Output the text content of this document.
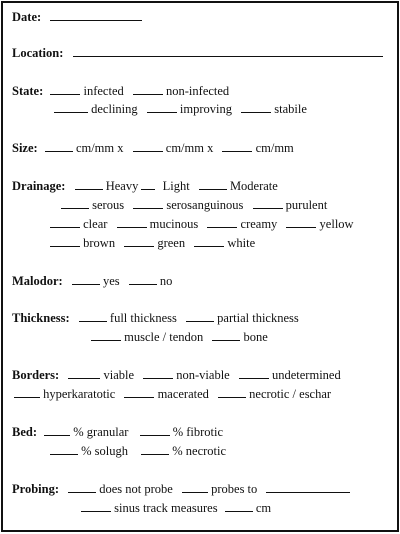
Date:
Location:
State:	infected	non-infected
declining	improving	stabile
Size:	cm/mm x	cm/mm x	cm/mm
Drainage:	Heavy Light	Moderate
serous	serosanguinous	purulent
clear	mucinous	creamy	yellow
brown	green	white
Malodor:	yes	no
Thickness:	full thickness	partial thickness
muscle / tendon	bone
Borders:	viable	non-viable	undetermined
hyperkaratotic	macerated	necrotic / eschar
Bed:	% granular	% fibrotic
% solugh	% necrotic
Probing:	does not probe	probes to
sinus track measures	cm
